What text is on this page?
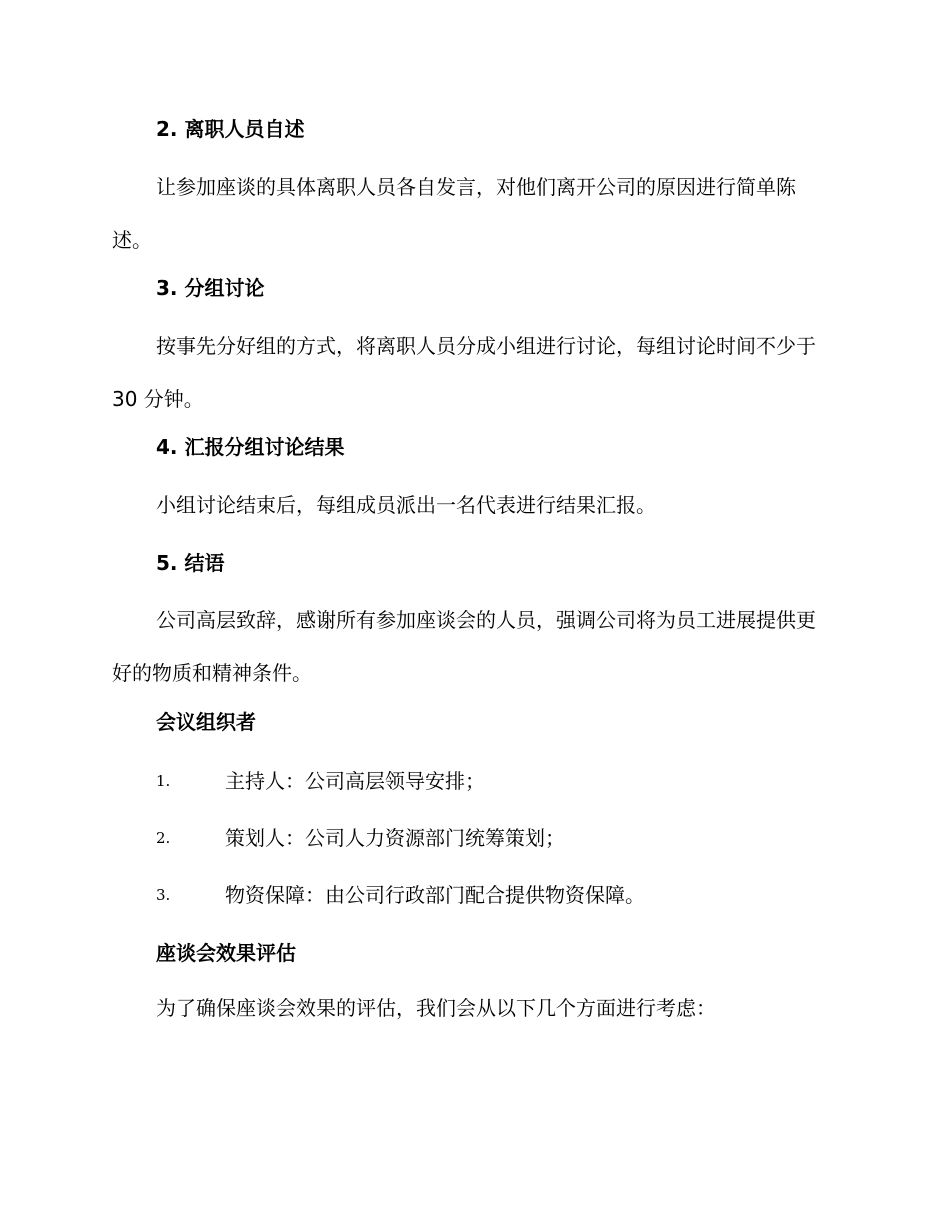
2. 离职人员自述

让参加座谈的具体离职人员各自发言，对他们离开公司的原因进行简单陈述。

3. 分组讨论

按事先分好组的方式，将离职人员分成小组进行讨论，每组讨论时间不少于 30 分钟。

4. 汇报分组讨论结果

小组讨论结束后，每组成员派出一名代表进行结果汇报。

5. 结语

公司高层致辞，感谢所有参加座谈会的人员，强调公司将为员工进展提供更好的物质和精神条件。

会议组织者
1.	主持人：公司高层领导安排；
2.	策划人：公司人力资源部门统筹策划；
3.	物资保障：由公司行政部门配合提供物资保障。
座谈会效果评估

为了确保座谈会效果的评估，我们会从以下几个方面进行考虑：
